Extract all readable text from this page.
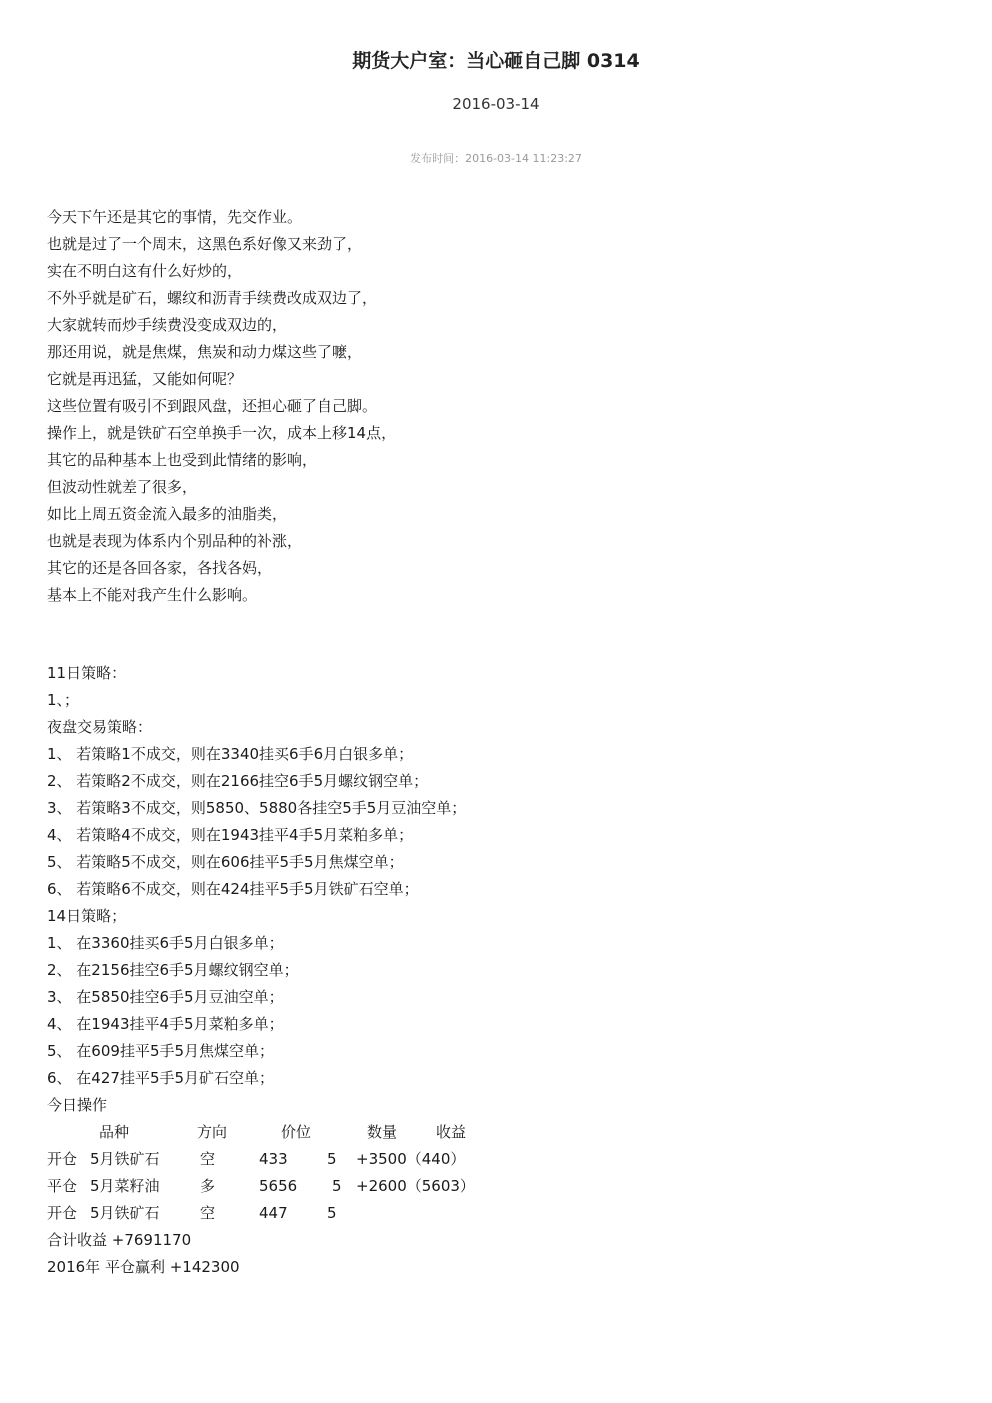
期货大户室：当心砸自己脚 0314
2016-03-14
发布时间：2016-03-14 11:23:27
今天下午还是其它的事情，先交作业。
也就是过了一个周末，这黑色系好像又来劲了，
实在不明白这有什么好炒的，
不外乎就是矿石，螺纹和沥青手续费改成双边了，
大家就转而炒手续费没变成双边的，
那还用说，就是焦煤，焦炭和动力煤这些了嚒，
它就是再迅猛，又能如何呢？
这些位置有吸引不到跟风盘，还担心砸了自己脚。
操作上，就是铁矿石空单换手一次，成本上移14点，
其它的品种基本上也受到此情绪的影响，
但波动性就差了很多，
如比上周五资金流入最多的油脂类，
也就是表现为体系内个别品种的补涨，
其它的还是各回各家，各找各妈，
基本上不能对我产生什么影响。
11日策略：
1、；
夜盘交易策略：
1、 若策略1不成交，则在3340挂买6手6月白银多单；
2、 若策略2不成交，则在2166挂空6手5月螺纹钢空单；
3、 若策略3不成交，则5850、5880各挂空5手5月豆油空单；
4、 若策略4不成交，则在1943挂平4手5月菜粕多单；
5、 若策略5不成交，则在606挂平5手5月焦煤空单；
6、 若策略6不成交，则在424挂平5手5月铁矿石空单；
14日策略；
1、 在3360挂买6手5月白银多单；
2、 在2156挂空6手5月螺纹钢空单；
3、 在5850挂空6手5月豆油空单；
4、 在1943挂平4手5月菜粕多单；
5、 在609挂平5手5月焦煤空单；
6、 在427挂平5手5月矿石空单；
今日操作
品种	方向	价位	数量	收益
开仓 5月铁矿石	空	433	5 +3500（440）
平仓 5月菜籽油	多	5656 5 +2600（5603）
开仓 5月铁矿石	空	447	5
合计收益 +7691170
2016年 平仓赢利 +142300
